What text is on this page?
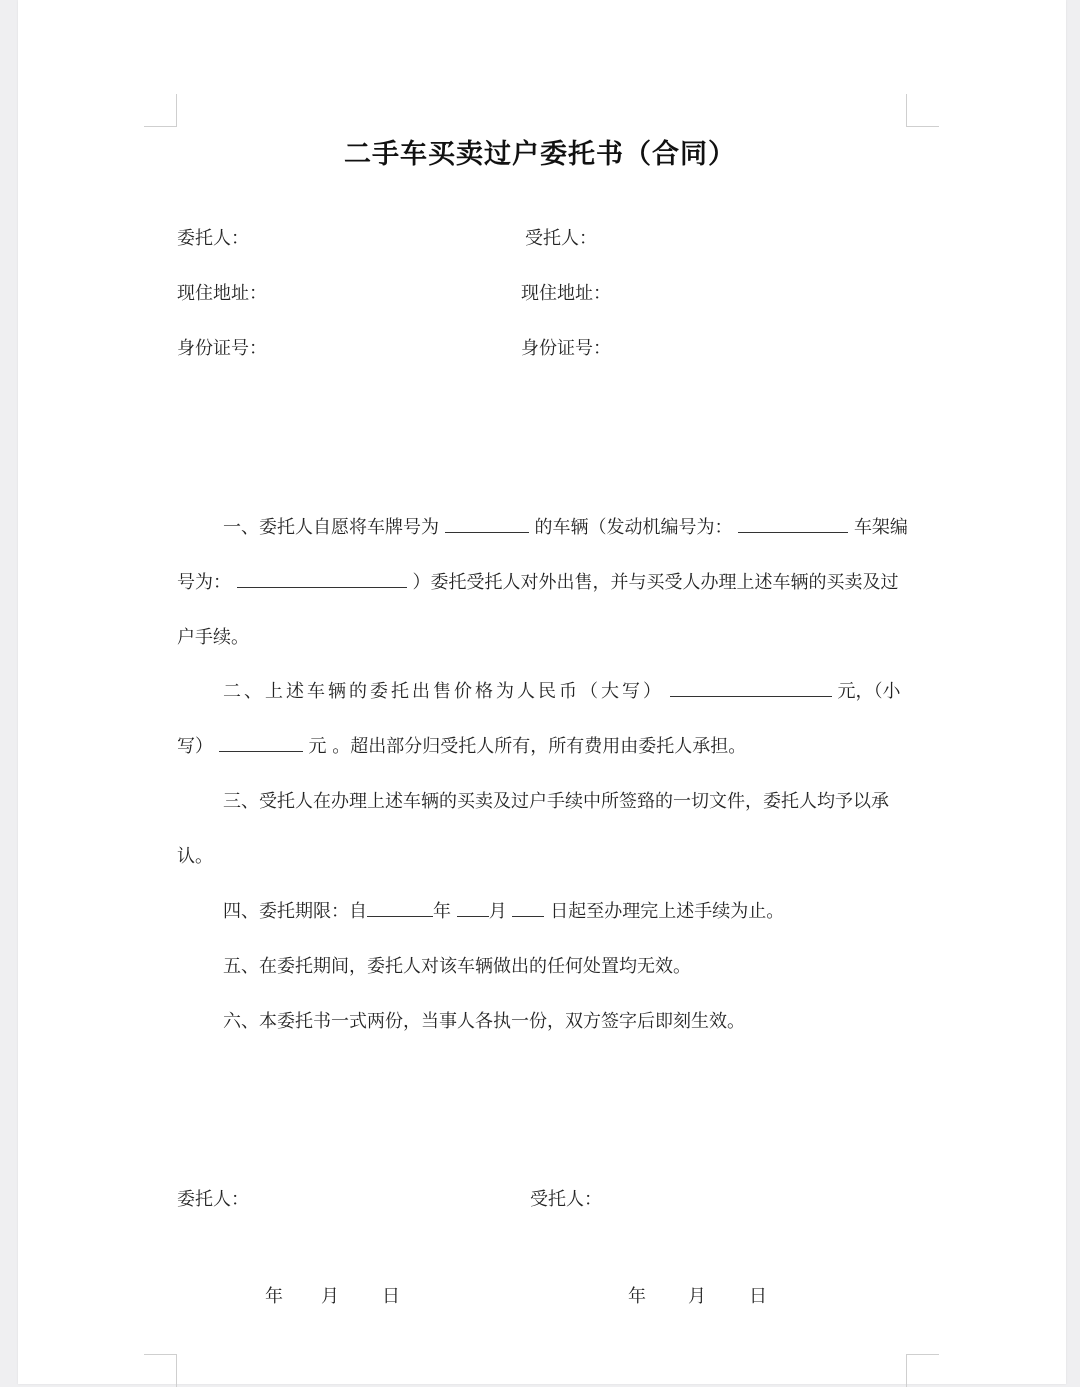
二手车买卖过户委托书（合同）
委托人：	受托人：
现住地址：	现住地址：
身份证号：	身份证号：
一、委托人自愿将车牌号为	的车辆（发动机编号为：	车架编
号为：	）委托受托人对外出售，并与买受人办理上述车辆的买卖及过
户手续。
二、上述车辆的委托出售价格为人民币（大写）	元，（小
写）	元 。超出部分归受托人所有，所有费用由委托人承担。
三、受托人在办理上述车辆的买卖及过户手续中所签臵的一切文件，委托人均予以承
认。
四、委托期限：自	年 月 日起至办理完上述手续为止。
五、在委托期间，委托人对该车辆做出的任何处置均无效。
六、本委托书一式两份，当事人各执一份，双方签字后即刻生效。
委托人：	受托人：
年 月 日	年 月 日
